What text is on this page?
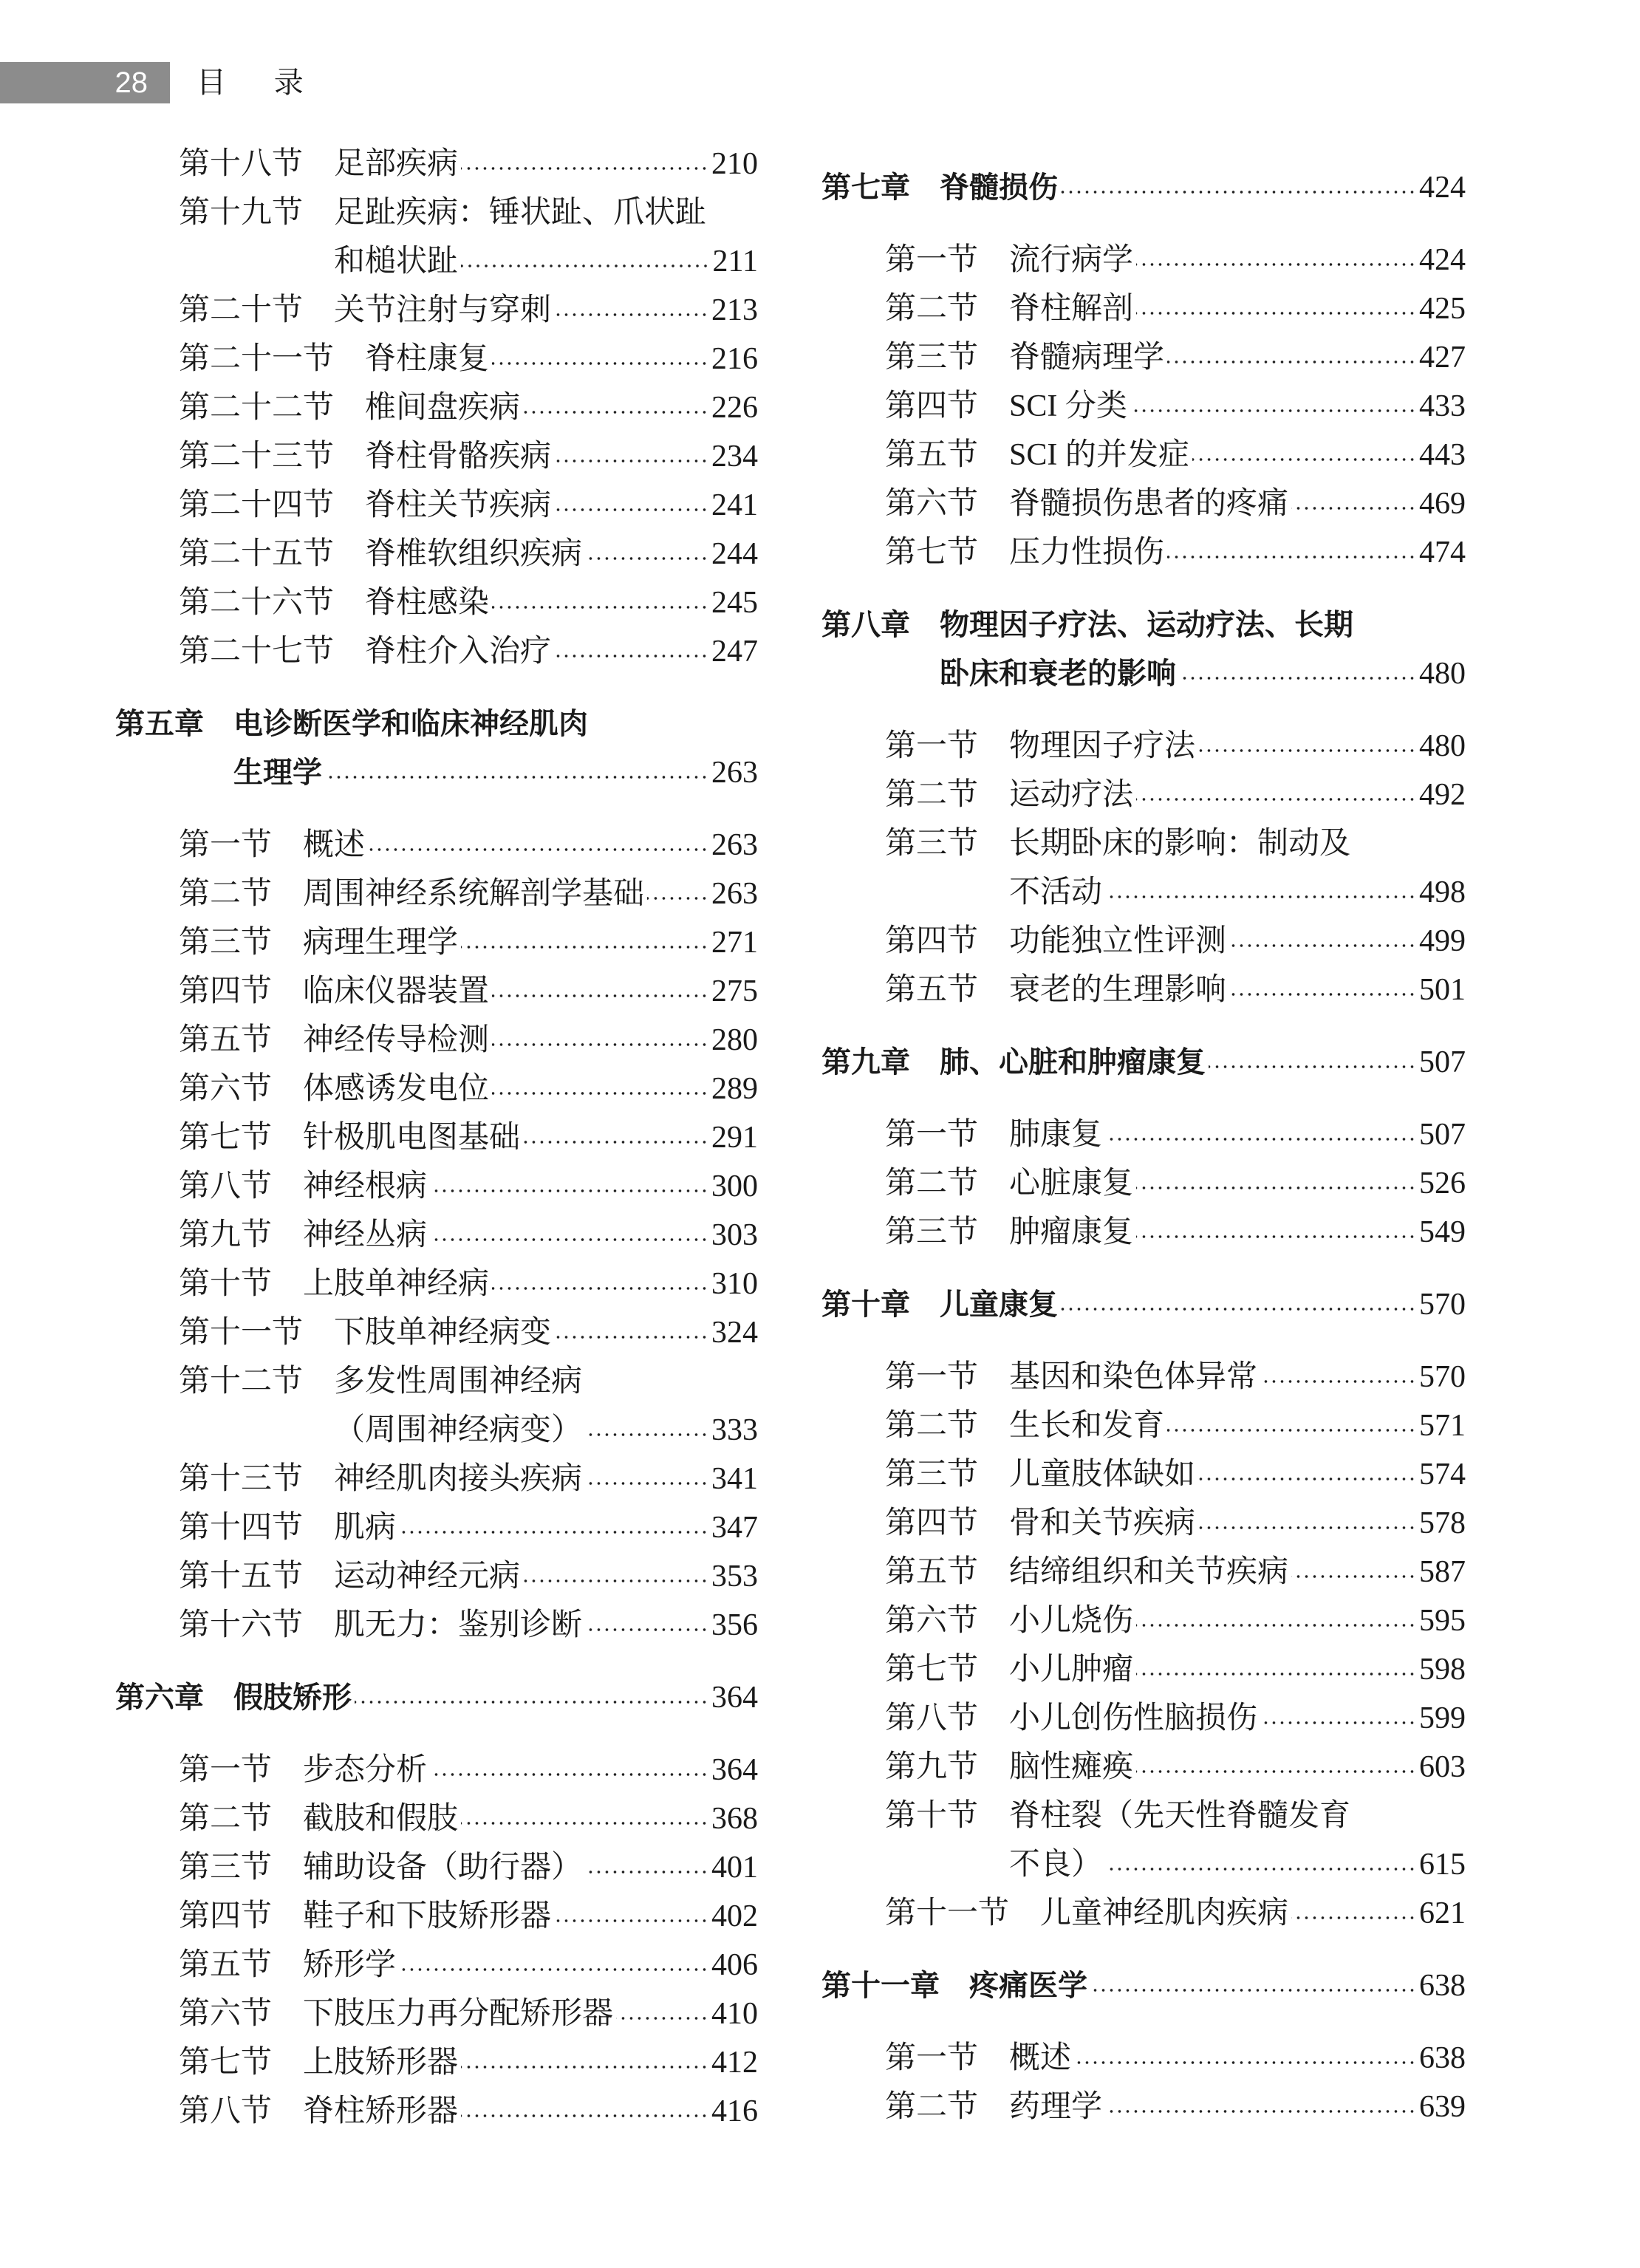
28 目 录
第十八节 足部疾病	210
第十九节 足趾疾病：锤状趾、爪状趾
和槌状趾	211
第二十节 关节注射与穿刺	213
第二十一节 脊柱康复	216
第二十二节 椎间盘疾病	226
第二十三节 脊柱骨骼疾病	234
第二十四节 脊柱关节疾病	241
第二十五节 脊椎软组织疾病	244
第二十六节 脊柱感染	245
第二十七节 脊柱介入治疗	247
第五章 电诊断医学和临床神经肌肉
生理学	263
第一节 概述	263
第二节 周围神经系统解剖学基础 263
第三节 病理生理学	271
第四节 临床仪器装置	275
第五节 神经传导检测	280
第六节 体感诱发电位	289
第七节 针极肌电图基础	291
第八节 神经根病	300
第九节 神经丛病	303
第十节 上肢单神经病	310
第十一节 下肢单神经病变	324
第十二节 多发性周围神经病
（周围神经病变）	333
第十三节 神经肌肉接头疾病	341
第十四节 肌病	347
第十五节 运动神经元病	353
第十六节 肌无力：鉴别诊断	356
第六章 假肢矫形	364
第一节 步态分析	364
第二节 截肢和假肢	368
第三节 辅助设备（助行器）	401
第四节 鞋子和下肢矫形器	402
第五节 矫形学	406
第六节 下肢压力再分配矫形器	410
第七节 上肢矫形器	412
第八节 脊柱矫形器	416
第七章 脊髓损伤	424
第一节 流行病学	424
第二节 脊柱解剖	425
第三节 脊髓病理学	427
第四节 SCI 分类	433
第五节 SCI 的并发症	443
第六节 脊髓损伤患者的疼痛	469
第七节 压力性损伤	474
第八章 物理因子疗法、运动疗法、长期
卧床和衰老的影响	480
第一节 物理因子疗法	480
第二节 运动疗法	492
第三节 长期卧床的影响：制动及
不活动	498
第四节 功能独立性评测	499
第五节 衰老的生理影响	501
第九章 肺、心脏和肿瘤康复	507
第一节 肺康复	507
第二节 心脏康复	526
第三节 肿瘤康复	549
第十章 儿童康复	570
第一节 基因和染色体异常	570
第二节 生长和发育	571
第三节 儿童肢体缺如	574
第四节 骨和关节疾病	578
第五节 结缔组织和关节疾病	587
第六节 小儿烧伤	595
第七节 小儿肿瘤	598
第八节 小儿创伤性脑损伤	599
第九节 脑性瘫痪	603
第十节 脊柱裂（先天性脊髓发育
不良）	615
第十一节 儿童神经肌肉疾病	621
第十一章 疼痛医学	638
第一节 概述	638
第二节 药理学	639
